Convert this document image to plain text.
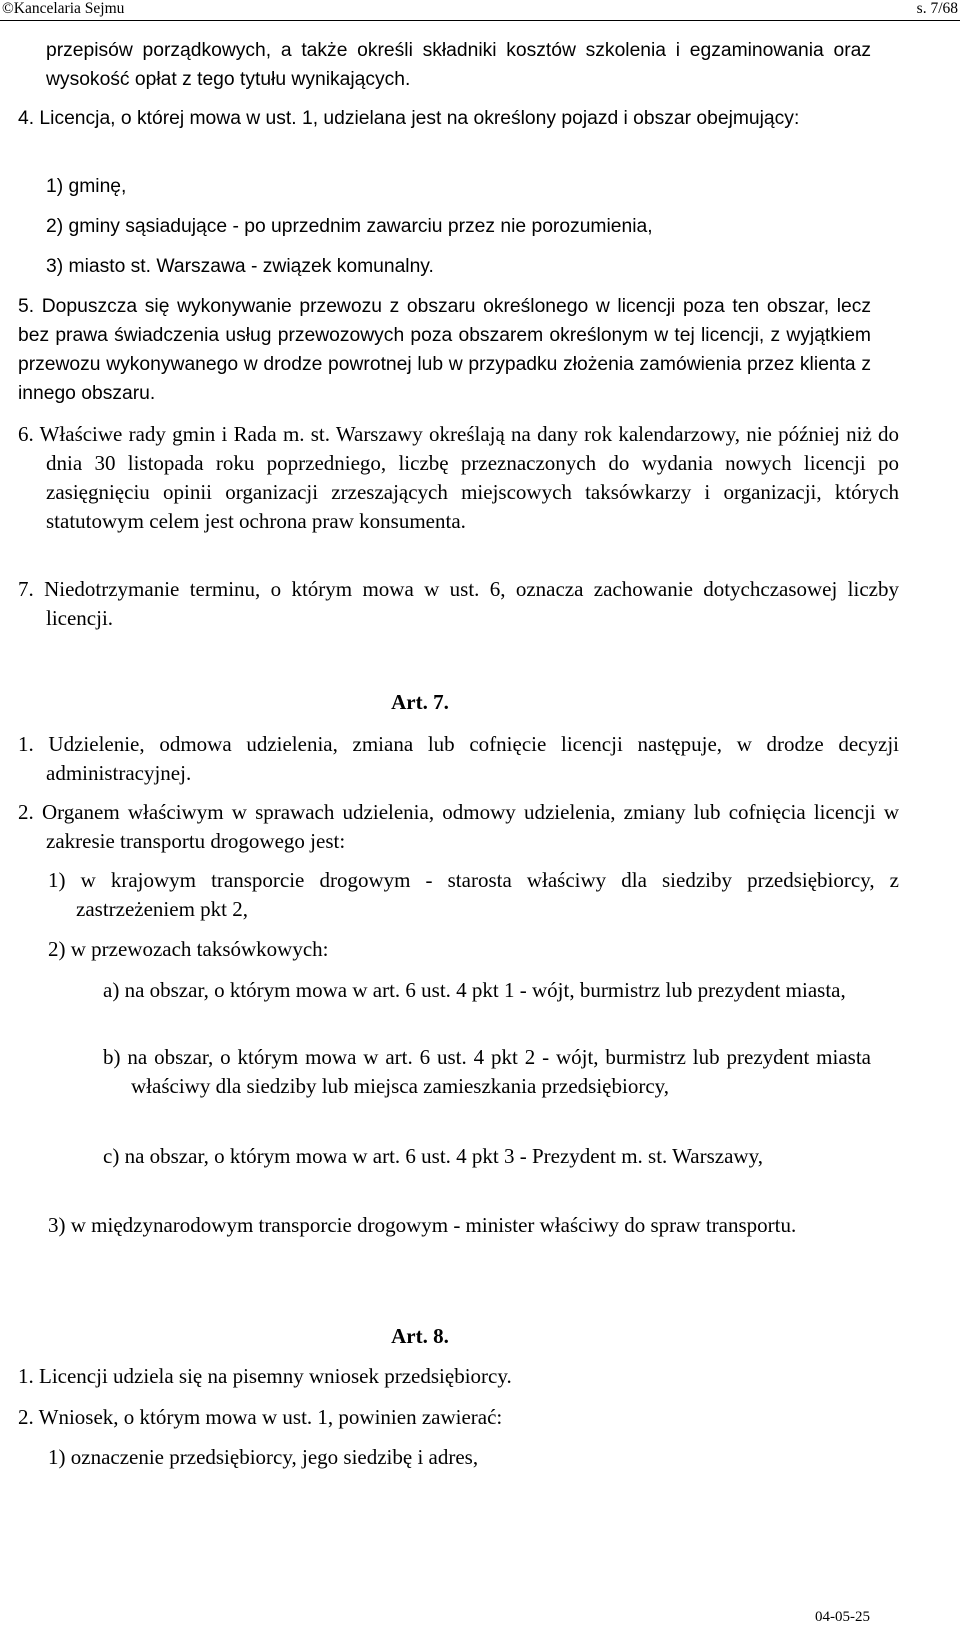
©Kancelaria Sejmu	s. 7/68
przepisów porządkowych, a także określi składniki kosztów szkolenia i egzaminowania oraz wysokość opłat z tego tytułu wynikających.
4. Licencja, o której mowa w ust. 1, udzielana jest na określony pojazd i obszar obejmujący:
1) gminę,
2) gminy sąsiadujące - po uprzednim zawarciu przez nie porozumienia,
3) miasto st. Warszawa - związek komunalny.
5. Dopuszcza się wykonywanie przewozu z obszaru określonego w licencji poza ten obszar, lecz bez prawa świadczenia usług przewozowych poza obszarem określonym w tej licencji, z wyjątkiem przewozu wykonywanego w drodze powrotnej lub w przypadku złożenia zamówienia przez klienta z innego obszaru.
6. Właściwe rady gmin i Rada m. st. Warszawy określają na dany rok kalendarzowy, nie później niż do dnia 30 listopada roku poprzedniego, liczbę przeznaczonych do wydania nowych licencji po zasięgnięciu opinii organizacji zrzeszających miejscowych taksówkarzy i organizacji, których statutowym celem jest ochrona praw konsumenta.
7. Niedotrzymanie terminu, o którym mowa w ust. 6, oznacza zachowanie dotychczasowej liczby licencji.
Art. 7.
1. Udzielenie, odmowa udzielenia, zmiana lub cofnięcie licencji następuje, w drodze decyzji administracyjnej.
2. Organem właściwym w sprawach udzielenia, odmowy udzielenia, zmiany lub cofnięcia licencji w zakresie transportu drogowego jest:
1) w krajowym transporcie drogowym - starosta właściwy dla siedziby przedsiębiorcy, z zastrzeżeniem pkt 2,
2) w przewozach taksówkowych:
a) na obszar, o którym mowa w art. 6 ust. 4 pkt 1 - wójt, burmistrz lub prezydent miasta,
b) na obszar, o którym mowa w art. 6 ust. 4 pkt 2 - wójt, burmistrz lub prezydent miasta właściwy dla siedziby lub miejsca zamieszkania przedsiębiorcy,
c) na obszar, o którym mowa w art. 6 ust. 4 pkt 3 - Prezydent m. st. Warszawy,
3) w międzynarodowym transporcie drogowym - minister właściwy do spraw transportu.
Art. 8.
1. Licencji udziela się na pisemny wniosek przedsiębiorcy.
2. Wniosek, o którym mowa w ust. 1, powinien zawierać:
1) oznaczenie przedsiębiorcy, jego siedzibę i adres,
04-05-25
